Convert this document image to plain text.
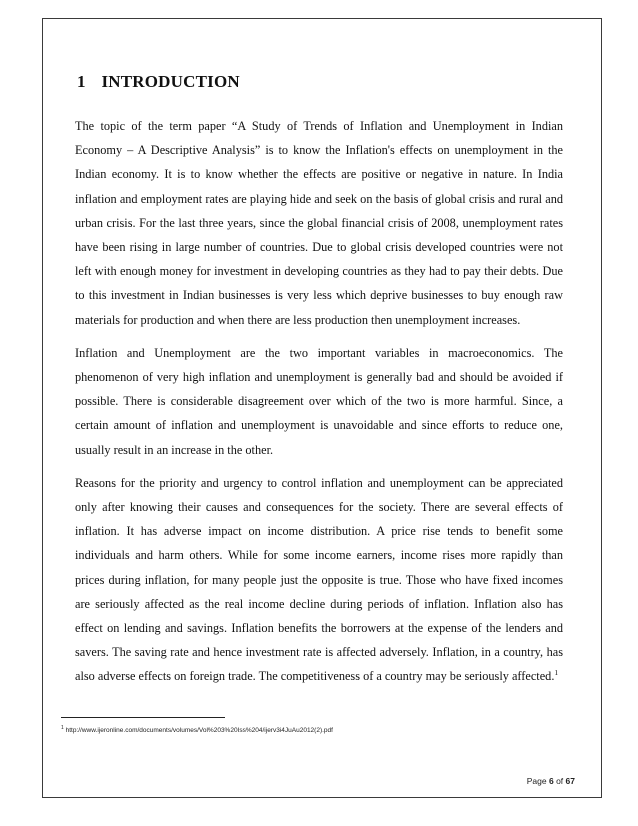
1 INTRODUCTION

The topic of the term paper “A Study of Trends of Inflation and Unemployment in Indian Economy – A Descriptive Analysis” is to know the Inflation's effects on unemployment in the Indian economy. It is to know whether the effects are positive or negative in nature. In India inflation and employment rates are playing hide and seek on the basis of global crisis and rural and urban crisis. For the last three years, since the global financial crisis of 2008, unemployment rates have been rising in large number of countries. Due to global crisis developed countries were not left with enough money for investment in developing countries as they had to pay their debts. Due to this investment in Indian businesses is very less which deprive businesses to buy enough raw materials for production and when there are less production then unemployment increases.

Inflation and Unemployment are the two important variables in macroeconomics. The phenomenon of very high inflation and unemployment is generally bad and should be avoided if possible. There is considerable disagreement over which of the two is more harmful. Since, a certain amount of inflation and unemployment is unavoidable and since efforts to reduce one, usually result in an increase in the other.

Reasons for the priority and urgency to control inflation and unemployment can be appreciated only after knowing their causes and consequences for the society. There are several effects of inflation. It has adverse impact on income distribution. A price rise tends to benefit some individuals and harm others. While for some income earners, income rises more rapidly than prices during inflation, for many people just the opposite is true. Those who have fixed incomes are seriously affected as the real income decline during periods of inflation. Inflation also has effect on lending and savings. Inflation benefits the borrowers at the expense of the lenders and savers. The saving rate and hence investment rate is affected adversely. Inflation, in a country, has also adverse effects on foreign trade. The competitiveness of a country may be seriously affected.$^1$

$^1$ http://www.ijeronline.com/documents/volumes/Vol%203%20Iss%204/ijerv3i4JuAu2012(2).pdf
Page 6 of 67
